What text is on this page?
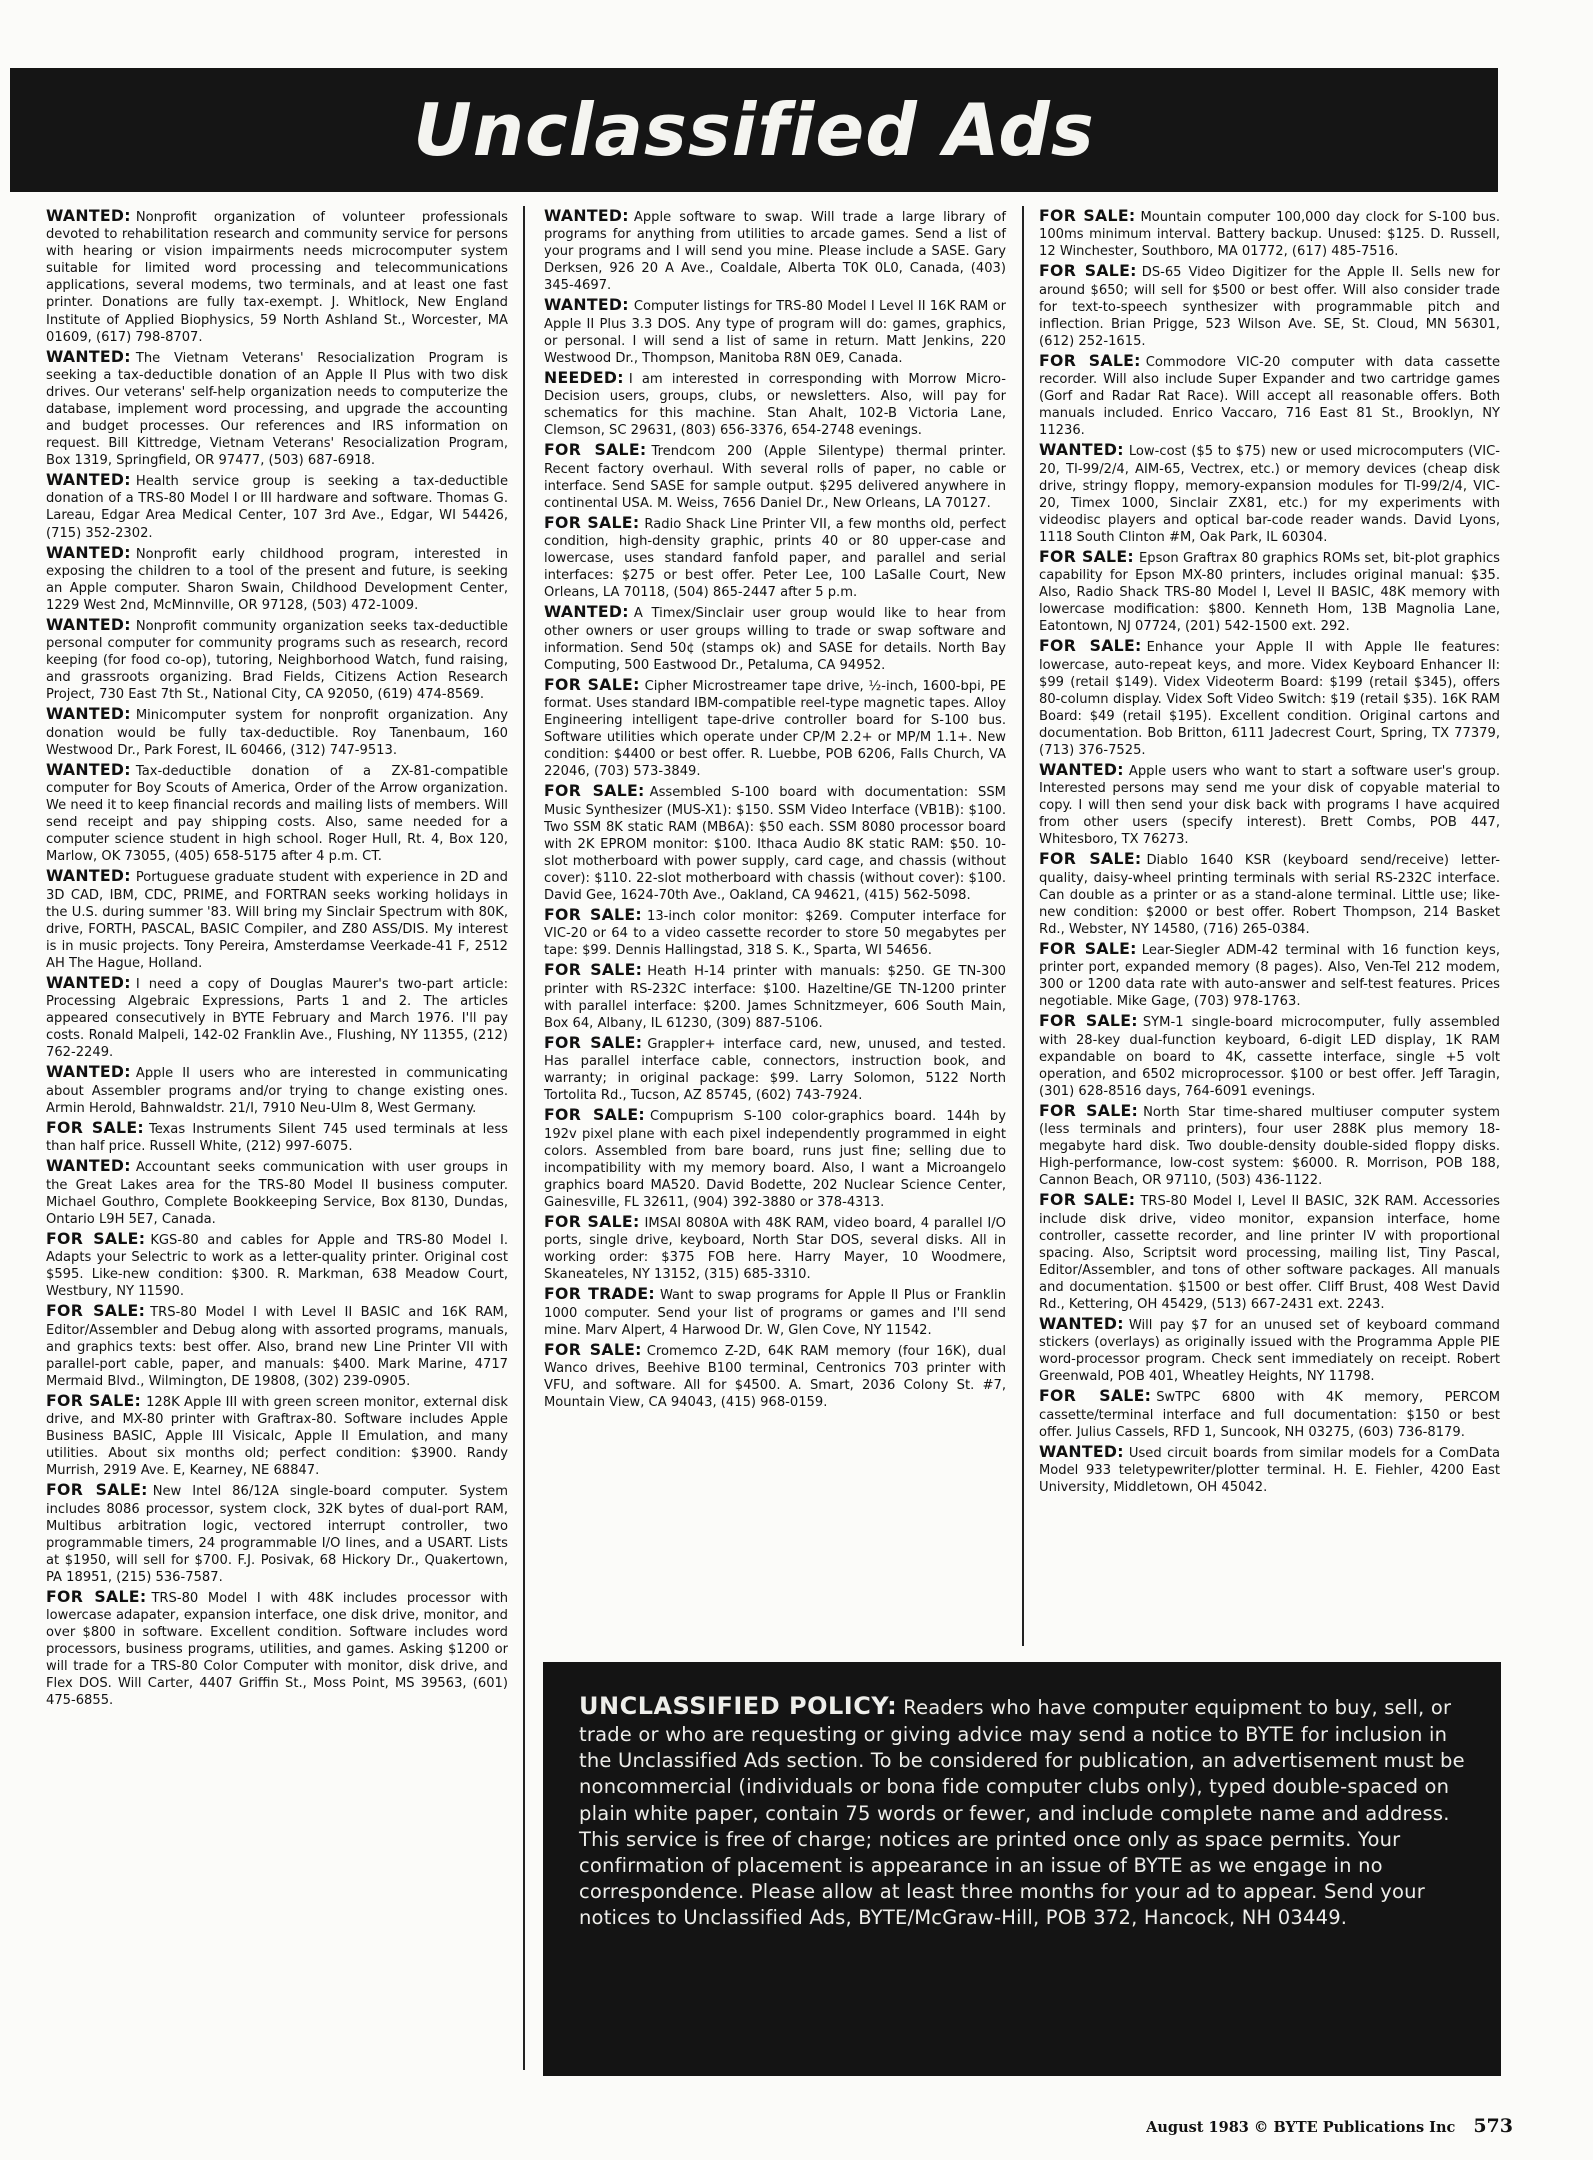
Unclassified Ads
WANTED: Nonprofit organization of volunteer professionals devoted to rehabilitation research and community service for persons with hearing or vision impairments needs microcomputer system suitable for limited word processing and telecommunications applications, several modems, two terminals, and at least one fast printer. Donations are fully tax-exempt. J. Whitlock, New England Institute of Applied Biophysics, 59 North Ashland St., Worcester, MA 01609, (617) 798-8707.
WANTED: The Vietnam Veterans' Resocialization Program is seeking a tax-deductible donation of an Apple II Plus with two disk drives. Our veterans' self-help organization needs to computerize the database, implement word processing, and upgrade the accounting and budget processes. Our references and IRS information on request. Bill Kittredge, Vietnam Veterans' Resocialization Program, Box 1319, Springfield, OR 97477, (503) 687-6918.
WANTED: Health service group is seeking a tax-deductible donation of a TRS-80 Model I or III hardware and software. Thomas G. Lareau, Edgar Area Medical Center, 107 3rd Ave., Edgar, WI 54426, (715) 352-2302.
WANTED: Nonprofit early childhood program, interested in exposing the children to a tool of the present and future, is seeking an Apple computer. Sharon Swain, Childhood Development Center, 1229 West 2nd, McMinnville, OR 97128, (503) 472-1009.
WANTED: Nonprofit community organization seeks tax-deductible personal computer for community programs such as research, record keeping (for food co-op), tutoring, Neighborhood Watch, fund raising, and grassroots organizing. Brad Fields, Citizens Action Research Project, 730 East 7th St., National City, CA 92050, (619) 474-8569.
WANTED: Minicomputer system for nonprofit organization. Any donation would be fully tax-deductible. Roy Tanenbaum, 160 Westwood Dr., Park Forest, IL 60466, (312) 747-9513.
WANTED: Tax-deductible donation of a ZX-81-compatible computer for Boy Scouts of America, Order of the Arrow organization. We need it to keep financial records and mailing lists of members. Will send receipt and pay shipping costs. Also, same needed for a computer science student in high school. Roger Hull, Rt. 4, Box 120, Marlow, OK 73055, (405) 658-5175 after 4 p.m. CT.
WANTED: Portuguese graduate student with experience in 2D and 3D CAD, IBM, CDC, PRIME, and FORTRAN seeks working holidays in the U.S. during summer '83. Will bring my Sinclair Spectrum with 80K, drive, FORTH, PASCAL, BASIC Compiler, and Z80 ASS/DIS. My interest is in music projects. Tony Pereira, Amsterdamse Veerkade-41 F, 2512 AH The Hague, Holland.
WANTED: I need a copy of Douglas Maurer's two-part article: Processing Algebraic Expressions, Parts 1 and 2. The articles appeared consecutively in BYTE February and March 1976. I'll pay costs. Ronald Malpeli, 142-02 Franklin Ave., Flushing, NY 11355, (212) 762-2249.
WANTED: Apple II users who are interested in communicating about Assembler programs and/or trying to change existing ones. Armin Herold, Bahnwaldstr. 21/I, 7910 Neu-Ulm 8, West Germany.
FOR SALE: Texas Instruments Silent 745 used terminals at less than half price. Russell White, (212) 997-6075.
WANTED: Accountant seeks communication with user groups in the Great Lakes area for the TRS-80 Model II business computer. Michael Gouthro, Complete Bookkeeping Service, Box 8130, Dundas, Ontario L9H 5E7, Canada.
FOR SALE: KGS-80 and cables for Apple and TRS-80 Model I. Adapts your Selectric to work as a letter-quality printer. Original cost $595. Like-new condition: $300. R. Markman, 638 Meadow Court, Westbury, NY 11590.
FOR SALE: TRS-80 Model I with Level II BASIC and 16K RAM, Editor/Assembler and Debug along with assorted programs, manuals, and graphics texts: best offer. Also, brand new Line Printer VII with parallel-port cable, paper, and manuals: $400. Mark Marine, 4717 Mermaid Blvd., Wilmington, DE 19808, (302) 239-0905.
FOR SALE: 128K Apple III with green screen monitor, external disk drive, and MX-80 printer with Graftrax-80. Software includes Apple Business BASIC, Apple III Visicalc, Apple II Emulation, and many utilities. About six months old; perfect condition: $3900. Randy Murrish, 2919 Ave. E, Kearney, NE 68847.
FOR SALE: New Intel 86/12A single-board computer. System includes 8086 processor, system clock, 32K bytes of dual-port RAM, Multibus arbitration logic, vectored interrupt controller, two programmable timers, 24 programmable I/O lines, and a USART. Lists at $1950, will sell for $700. F.J. Posivak, 68 Hickory Dr., Quakertown, PA 18951, (215) 536-7587.
FOR SALE: TRS-80 Model I with 48K includes processor with lowercase adapater, expansion interface, one disk drive, monitor, and over $800 in software. Excellent condition. Software includes word processors, business programs, utilities, and games. Asking $1200 or will trade for a TRS-80 Color Computer with monitor, disk drive, and Flex DOS. Will Carter, 4407 Griffin St., Moss Point, MS 39563, (601) 475-6855.
WANTED: Apple software to swap. Will trade a large library of programs for anything from utilities to arcade games. Send a list of your programs and I will send you mine. Please include a SASE. Gary Derksen, 926 20 A Ave., Coaldale, Alberta T0K 0L0, Canada, (403) 345-4697.
WANTED: Computer listings for TRS-80 Model I Level II 16K RAM or Apple II Plus 3.3 DOS. Any type of program will do: games, graphics, or personal. I will send a list of same in return. Matt Jenkins, 220 Westwood Dr., Thompson, Manitoba R8N 0E9, Canada.
NEEDED: I am interested in corresponding with Morrow Micro-Decision users, groups, clubs, or newsletters. Also, will pay for schematics for this machine. Stan Ahalt, 102-B Victoria Lane, Clemson, SC 29631, (803) 656-3376, 654-2748 evenings.
FOR SALE: Trendcom 200 (Apple Silentype) thermal printer. Recent factory overhaul. With several rolls of paper, no cable or interface. Send SASE for sample output. $295 delivered anywhere in continental USA. M. Weiss, 7656 Daniel Dr., New Orleans, LA 70127.
FOR SALE: Radio Shack Line Printer VII, a few months old, perfect condition, high-density graphic, prints 40 or 80 upper-case and lowercase, uses standard fanfold paper, and parallel and serial interfaces: $275 or best offer. Peter Lee, 100 LaSalle Court, New Orleans, LA 70118, (504) 865-2447 after 5 p.m.
WANTED: A Timex/Sinclair user group would like to hear from other owners or user groups willing to trade or swap software and information. Send 50¢ (stamps ok) and SASE for details. North Bay Computing, 500 Eastwood Dr., Petaluma, CA 94952.
FOR SALE: Cipher Microstreamer tape drive, ½-inch, 1600-bpi, PE format. Uses standard IBM-compatible reel-type magnetic tapes. Alloy Engineering intelligent tape-drive controller board for S-100 bus. Software utilities which operate under CP/M 2.2+ or MP/M 1.1+. New condition: $4400 or best offer. R. Luebbe, POB 6206, Falls Church, VA 22046, (703) 573-3849.
FOR SALE: Assembled S-100 board with documentation: SSM Music Synthesizer (MUS-X1): $150. SSM Video Interface (VB1B): $100. Two SSM 8K static RAM (MB6A): $50 each. SSM 8080 processor board with 2K EPROM monitor: $100. Ithaca Audio 8K static RAM: $50. 10-slot motherboard with power supply, card cage, and chassis (without cover): $110. 22-slot motherboard with chassis (without cover): $100. David Gee, 1624-70th Ave., Oakland, CA 94621, (415) 562-5098.
FOR SALE: 13-inch color monitor: $269. Computer interface for VIC-20 or 64 to a video cassette recorder to store 50 megabytes per tape: $99. Dennis Hallingstad, 318 S. K., Sparta, WI 54656.
FOR SALE: Heath H-14 printer with manuals: $250. GE TN-300 printer with RS-232C interface: $100. Hazeltine/GE TN-1200 printer with parallel interface: $200. James Schnitzmeyer, 606 South Main, Box 64, Albany, IL 61230, (309) 887-5106.
FOR SALE: Grappler+ interface card, new, unused, and tested. Has parallel interface cable, connectors, instruction book, and warranty; in original package: $99. Larry Solomon, 5122 North Tortolita Rd., Tucson, AZ 85745, (602) 743-7924.
FOR SALE: Compuprism S-100 color-graphics board. 144h by 192v pixel plane with each pixel independently programmed in eight colors. Assembled from bare board, runs just fine; selling due to incompatibility with my memory board. Also, I want a Microangelo graphics board MA520. David Bodette, 202 Nuclear Science Center, Gainesville, FL 32611, (904) 392-3880 or 378-4313.
FOR SALE: IMSAI 8080A with 48K RAM, video board, 4 parallel I/O ports, single drive, keyboard, North Star DOS, several disks. All in working order: $375 FOB here. Harry Mayer, 10 Woodmere, Skaneateles, NY 13152, (315) 685-3310.
FOR TRADE: Want to swap programs for Apple II Plus or Franklin 1000 computer. Send your list of programs or games and I'll send mine. Marv Alpert, 4 Harwood Dr. W, Glen Cove, NY 11542.
FOR SALE: Cromemco Z-2D, 64K RAM memory (four 16K), dual Wanco drives, Beehive B100 terminal, Centronics 703 printer with VFU, and software. All for $4500. A. Smart, 2036 Colony St. #7, Mountain View, CA 94043, (415) 968-0159.
FOR SALE: Mountain computer 100,000 day clock for S-100 bus. 100ms minimum interval. Battery backup. Unused: $125. D. Russell, 12 Winchester, Southboro, MA 01772, (617) 485-7516.
FOR SALE: DS-65 Video Digitizer for the Apple II. Sells new for around $650; will sell for $500 or best offer. Will also consider trade for text-to-speech synthesizer with programmable pitch and inflection. Brian Prigge, 523 Wilson Ave. SE, St. Cloud, MN 56301, (612) 252-1615.
FOR SALE: Commodore VIC-20 computer with data cassette recorder. Will also include Super Expander and two cartridge games (Gorf and Radar Rat Race). Will accept all reasonable offers. Both manuals included. Enrico Vaccaro, 716 East 81 St., Brooklyn, NY 11236.
WANTED: Low-cost ($5 to $75) new or used microcomputers (VIC-20, TI-99/2/4, AIM-65, Vectrex, etc.) or memory devices (cheap disk drive, stringy floppy, memory-expansion modules for TI-99/2/4, VIC-20, Timex 1000, Sinclair ZX81, etc.) for my experiments with videodisc players and optical bar-code reader wands. David Lyons, 1118 South Clinton #M, Oak Park, IL 60304.
FOR SALE: Epson Graftrax 80 graphics ROMs set, bit-plot graphics capability for Epson MX-80 printers, includes original manual: $35. Also, Radio Shack TRS-80 Model I, Level II BASIC, 48K memory with lowercase modification: $800. Kenneth Hom, 13B Magnolia Lane, Eatontown, NJ 07724, (201) 542-1500 ext. 292.
FOR SALE: Enhance your Apple II with Apple IIe features: lowercase, auto-repeat keys, and more. Videx Keyboard Enhancer II: $99 (retail $149). Videx Videoterm Board: $199 (retail $345), offers 80-column display. Videx Soft Video Switch: $19 (retail $35). 16K RAM Board: $49 (retail $195). Excellent condition. Original cartons and documentation. Bob Britton, 6111 Jadecrest Court, Spring, TX 77379, (713) 376-7525.
WANTED: Apple users who want to start a software user's group. Interested persons may send me your disk of copyable material to copy. I will then send your disk back with programs I have acquired from other users (specify interest). Brett Combs, POB 447, Whitesboro, TX 76273.
FOR SALE: Diablo 1640 KSR (keyboard send/receive) letter-quality, daisy-wheel printing terminals with serial RS-232C interface. Can double as a printer or as a stand-alone terminal. Little use; like-new condition: $2000 or best offer. Robert Thompson, 214 Basket Rd., Webster, NY 14580, (716) 265-0384.
FOR SALE: Lear-Siegler ADM-42 terminal with 16 function keys, printer port, expanded memory (8 pages). Also, Ven-Tel 212 modem, 300 or 1200 data rate with auto-answer and self-test features. Prices negotiable. Mike Gage, (703) 978-1763.
FOR SALE: SYM-1 single-board microcomputer, fully assembled with 28-key dual-function keyboard, 6-digit LED display, 1K RAM expandable on board to 4K, cassette interface, single +5 volt operation, and 6502 microprocessor. $100 or best offer. Jeff Taragin, (301) 628-8516 days, 764-6091 evenings.
FOR SALE: North Star time-shared multiuser computer system (less terminals and printers), four user 288K plus memory 18-megabyte hard disk. Two double-density double-sided floppy disks. High-performance, low-cost system: $6000. R. Morrison, POB 188, Cannon Beach, OR 97110, (503) 436-1122.
FOR SALE: TRS-80 Model I, Level II BASIC, 32K RAM. Accessories include disk drive, video monitor, expansion interface, home controller, cassette recorder, and line printer IV with proportional spacing. Also, Scriptsit word processing, mailing list, Tiny Pascal, Editor/Assembler, and tons of other software packages. All manuals and documentation. $1500 or best offer. Cliff Brust, 408 West David Rd., Kettering, OH 45429, (513) 667-2431 ext. 2243.
WANTED: Will pay $7 for an unused set of keyboard command stickers (overlays) as originally issued with the Programma Apple PIE word-processor program. Check sent immediately on receipt. Robert Greenwald, POB 401, Wheatley Heights, NY 11798.
FOR SALE: SwTPC 6800 with 4K memory, PERCOM cassette/terminal interface and full documentation: $150 or best offer. Julius Cassels, RFD 1, Suncook, NH 03275, (603) 736-8179.
WANTED: Used circuit boards from similar models for a ComData Model 933 teletypewriter/plotter terminal. H. E. Fiehler, 4200 East University, Middletown, OH 45042.
UNCLASSIFIED POLICY: Readers who have computer equipment to buy, sell, or trade or who are requesting or giving advice may send a notice to BYTE for inclusion in the Unclassified Ads section. To be considered for publication, an advertisement must be noncommercial (individuals or bona fide computer clubs only), typed double-spaced on plain white paper, contain 75 words or fewer, and include complete name and address. This service is free of charge; notices are printed once only as space permits. Your confirmation of placement is appearance in an issue of BYTE as we engage in no correspondence. Please allow at least three months for your ad to appear. Send your notices to Unclassified Ads, BYTE/McGraw-Hill, POB 372, Hancock, NH 03449.
August 1983 © BYTE Publications Inc 573
